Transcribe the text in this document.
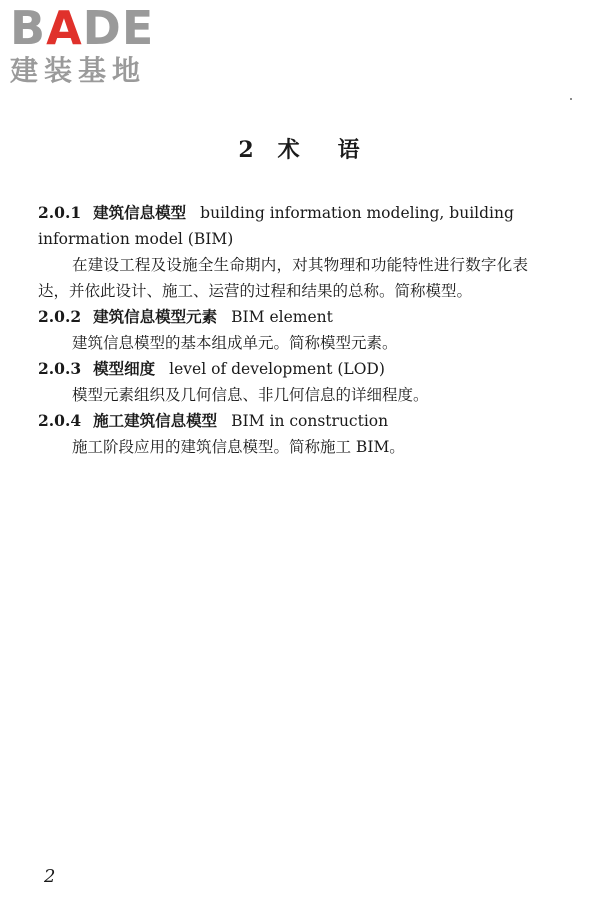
BADE
建装基地
2 术 语
2.0.1 建筑信息模型 building information modeling, building information model (BIM)
在建设工程及设施全生命期内，对其物理和功能特性进行数字化表达，并依此设计、施工、运营的过程和结果的总称。简称模型。
2.0.2 建筑信息模型元素 BIM element
建筑信息模型的基本组成单元。简称模型元素。
2.0.3 模型细度 level of development (LOD)
模型元素组织及几何信息、非几何信息的详细程度。
2.0.4 施工建筑信息模型 BIM in construction
施工阶段应用的建筑信息模型。简称施工 BIM。
2
